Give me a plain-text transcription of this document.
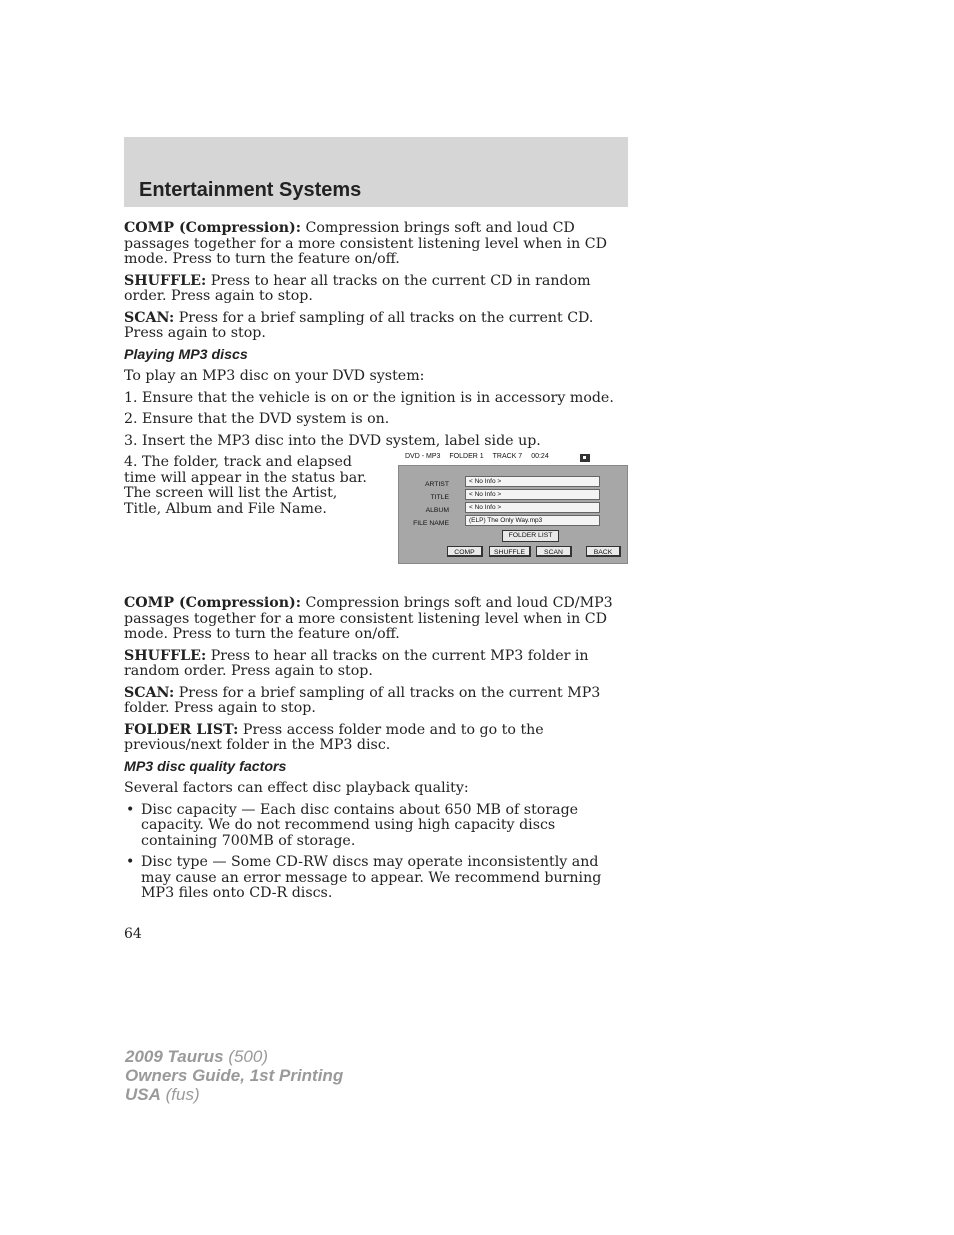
Entertainment Systems

COMP (Compression): Compression brings soft and loud CD passages together for a more consistent listening level when in CD mode. Press to turn the feature on/off.

SHUFFLE: Press to hear all tracks on the current CD in random order. Press again to stop.

SCAN: Press for a brief sampling of all tracks on the current CD. Press again to stop.

Playing MP3 discs

To play an MP3 disc on your DVD system:

1. Ensure that the vehicle is on or the ignition is in accessory mode.

2. Ensure that the DVD system is on.

3. Insert the MP3 disc into the DVD system, label side up.

4. The folder, track and elapsed time will appear in the status bar. The screen will list the Artist, Title, Album and File Name.

DVD - MP3 FOLDER 1 TRACK 7 00:24
ARTIST	< No Info >
TITLE	< No Info >
ALBUM	< No Info >
FILE NAME	(ELP) The Only Way.mp3
FOLDER LIST
COMP	SHUFFLE	SCAN	BACK

COMP (Compression): Compression brings soft and loud CD/MP3 passages together for a more consistent listening level when in CD mode. Press to turn the feature on/off.

SHUFFLE: Press to hear all tracks on the current MP3 folder in random order. Press again to stop.

SCAN: Press for a brief sampling of all tracks on the current MP3 folder. Press again to stop.

FOLDER LIST: Press access folder mode and to go to the previous/next folder in the MP3 disc.

MP3 disc quality factors

Several factors can effect disc playback quality:

• Disc capacity — Each disc contains about 650 MB of storage capacity. We do not recommend using high capacity discs containing 700MB of storage.
• Disc type — Some CD-RW discs may operate inconsistently and may cause an error message to appear. We recommend burning MP3 files onto CD-R discs.
64
2009 Taurus (500)
Owners Guide, 1st Printing
USA (fus)
